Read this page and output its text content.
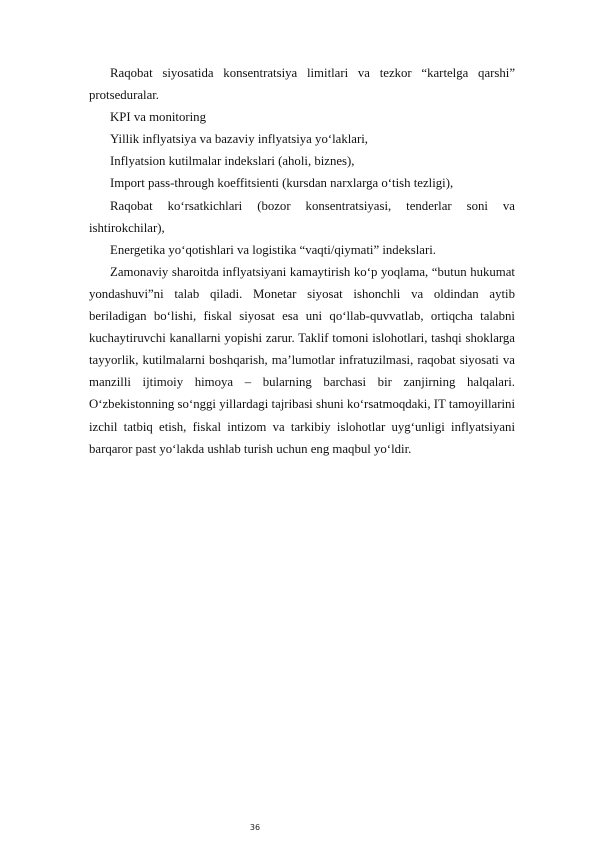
Raqobat siyosatida konsentratsiya limitlari va tezkor “kartelga qarshi” protseduralar.

KPI va monitoring

Yillik inflyatsiya va bazaviy inflyatsiya yo‘laklari,

Inflyatsion kutilmalar indekslari (aholi, biznes),

Import pass-through koeffitsienti (kursdan narxlarga o‘tish tezligi),

Raqobat ko‘rsatkichlari (bozor konsentratsiyasi, tenderlar soni va ishtirokchilar),

Energetika yo‘qotishlari va logistika “vaqti/qiymati” indekslari.

Zamonaviy sharoitda inflyatsiyani kamaytirish ko‘p yoqlama, “butun hukumat yondashuvi”ni talab qiladi. Monetar siyosat ishonchli va oldindan aytib beriladigan bo‘lishi, fiskal siyosat esa uni qo‘llab-quvvatlab, ortiqcha talabni kuchaytiruvchi kanallarni yopishi zarur. Taklif tomoni islohotlari, tashqi shoklarga tayyorlik, kutilmalarni boshqarish, ma’lumotlar infratuzilmasi, raqobat siyosati va manzilli ijtimoiy himoya – bularning barchasi bir zanjirning halqalari. O‘zbekistonning so‘nggi yillardagi tajribasi shuni ko‘rsatmoqdaki, IT tamoyillarini izchil tatbiq etish, fiskal intizom va tarkibiy islohotlar uyg‘unligi inflyatsiyani barqaror past yo‘lakda ushlab turish uchun eng maqbul yo‘ldir.

36
